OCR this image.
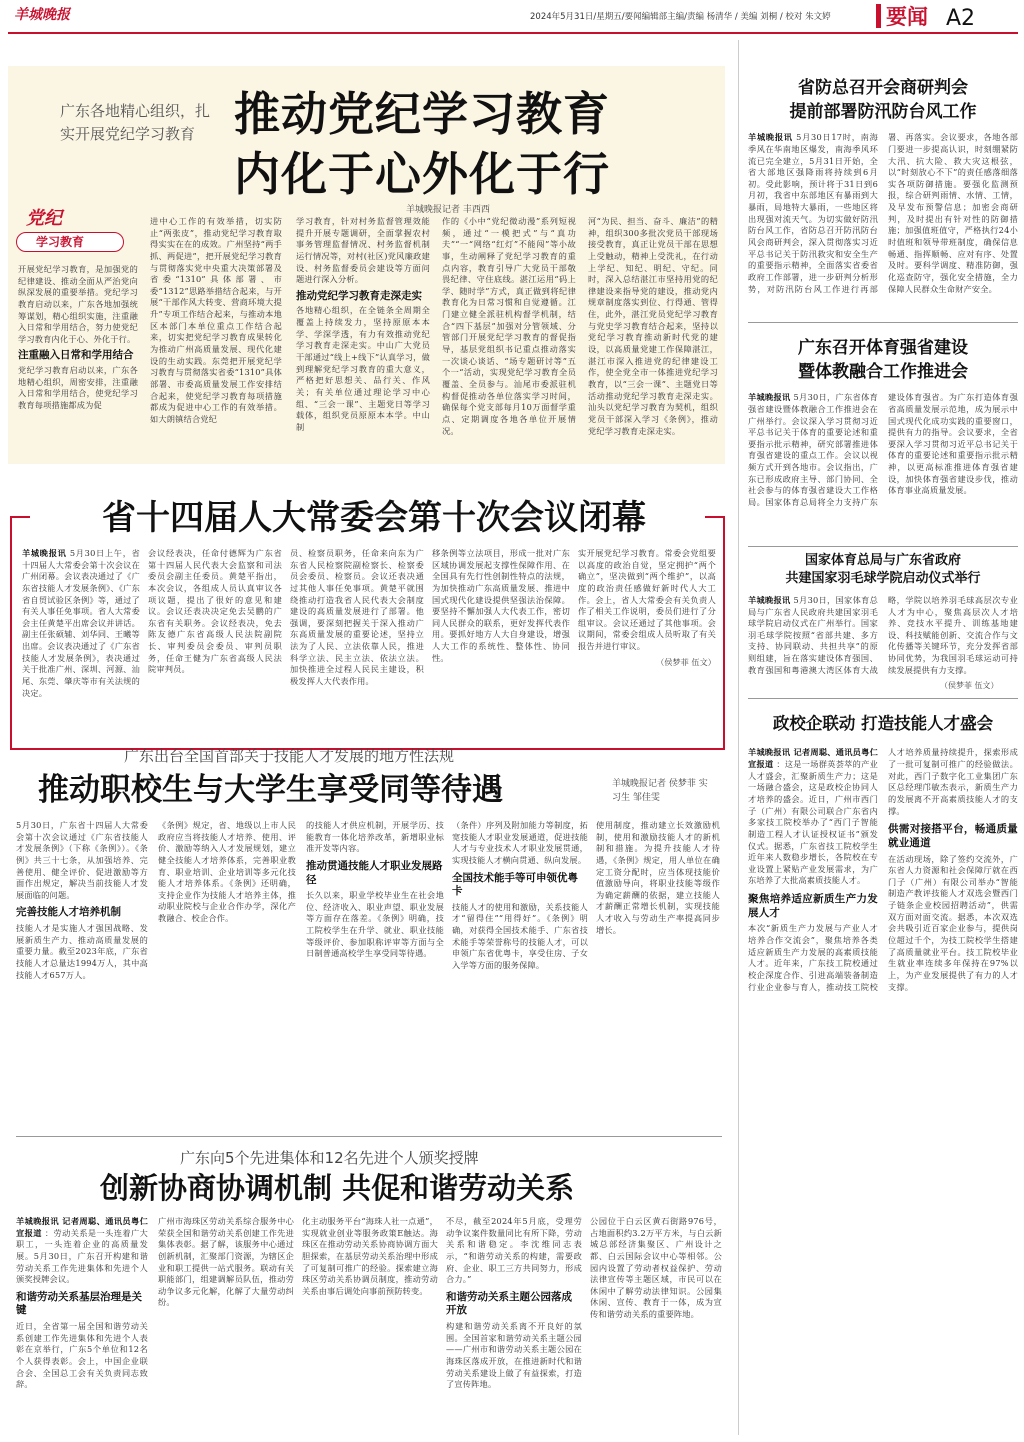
羊城晚报	2024年5月31日/星期五/要闻编辑部主编/责编 杨清华 / 美编 刘桐 / 校对 朱文婷	要闻 A2
广东各地精心组织，扎实开展党纪学习教育 推动党纪学习教育
内化于心外化于行
羊城晚报记者 丰西西
党纪
学习教育
开展党纪学习教育，是加强党的纪律建设、推动全面从严治党向纵深发展的重要举措。党纪学习教育启动以来，广东各地加强统筹谋划，精心组织实施，注重融入日常和学用结合，努力使党纪学习教育内化于心、外化于行。
注重融入日常和学用结合
党纪学习教育启动以来，广东各地精心组织，周密安排，注重融入日常和学用结合，使党纪学习教育每项措施都成为促
进中心工作的有效举措，切实防止“两张皮”，推动党纪学习教育取得实实在在的成效。广州坚持“两手抓、两促进”，把开展党纪学习教育与贯彻落实党中央重大决策部署及省委“1310”具体部署、市委“1312”思路举措结合起来，与开展“干部作风大转变、营商环境大提升”专项工作结合起来，与推动本地区本部门本单位重点工作结合起来，切实把党纪学习教育成果转化为推动广州高质量发展、现代化建设的生动实践。东莞把开展党纪学习教育与贯彻落实省委“1310”具体部署、市委高质量发展工作安排结合起来，使党纪学习教育每项措施都成为促进中心工作的有效举措。如大朗镇结合党纪
学习教育，针对村务监督管理效能提升开展专题调研，全面掌握农村事务管理监督情况、村务监督机制运行情况等，对村(社区)党风廉政建设、村务监督委员会建设等方面问题进行深入分析。
推动党纪学习教育走深走实
各地精心组织，在全链条全周期全覆盖上持续发力，坚持原原本本学、学深学透，有力有效推动党纪学习教育走深走实。中山广大党员干部通过“线上+线下”认真学习，做到理解党纪学习教育的重大意义，严格把好思想关、品行关、作风关；有关单位通过理论学习中心组、“三会一课”、主题党日等学习载体，组织党员原原本本学。中山制
作的《小中“党纪微动漫”系列短视频，通过“一模把式”与“真功夫”“一“网络“红灯”不能闯”等小故事，生动阐释了党纪学习教育的重点内容，教育引导广大党员干部敬畏纪律、守住底线。湛江运用“码上学、随时学”方式，真正做到将纪律教育化为日常习惯和自觉遵循。江门建立健全派驻机构督学机制，结合“四下基层”加强对分管领域、分管部门开展党纪学习教育的督促指导，基层党组织书记重点推动落实一次谈心谈话、“场专题研讨等”五个一“活动，实现党纪学习教育全员覆盖、全员参与。汕尾市委派驻机构督促推动各单位落实学习时间，确保每个党支部每月10万面督学重点、定期调度各地各单位开展情况。
河“为民、担当、奋斗、廉洁”的精神，组织300多批次党员干部现场接受教育，真正让党员干部在思想上受触动，精神上受洗礼，在行动上学纪、知纪、明纪、守纪。同时，深入总结湛江市坚持用党的纪律建设来指导党的建设，推动党内规章制度落实到位、行得通、管得住，此外，湛江党员党纪学习教育与党史学习教育结合起来，坚持以党纪学习教育推动新时代党的建设，以高质量党建工作保障湛江，湛江市深入推进党的纪律建设工作，使全党全市一体推进党纪学习教育，以“三会一课”、主题党日等活动推动党纪学习教育走深走实。汕头以党纪学习教育为契机，组织党员干部深入学习《条例》，推动党纪学习教育走深走实。
省防总召开会商研判会
提前部署防汛防台风工作
羊城晚报讯 5月30日17时，南海季风在华南地区爆发，南海季风环流已完全建立，5月31日开始，全省大部地区强降雨将持续到6月初。受此影响，预计将于31日到6月初，我省中东部地区有暴雨到大暴雨，局地特大暴雨，一些地区将出现强对流天气。为切实做好防汛防台风工作，省防总召开防汛防台风会商研判会，深入贯彻落实习近平总书记关于防汛救灾和安全生产的重要指示精神，全面落实省委省政府工作部署，进一步研判分析形势，对防汛防台风工作进行再部署、再落实。会议要求，各地各部门要进一步提高认识，时刻绷紧防大汛、抗大险、救大灾这根弦，以“时刻放心不下”的责任感落细落实各项防御措施。要强化监测预报，综合研判雨情、水情、工情，及早发布预警信息；加密会商研判，及时提出有针对性的防御措施；加强值班值守，严格执行24小时值班和领导带班制度，确保信息畅通、指挥顺畅、应对有序、处置及时。要科学调度、精准防御，强化巡查防守，强化安全措施，全力保障人民群众生命财产安全。
广东召开体育强省建设
暨体教融合工作推进会
羊城晚报讯 5月30日，广东省体育强省建设暨体教融合工作推进会在广州举行。会议深入学习贯彻习近平总书记关于体育的重要论述和重要指示批示精神，研究部署推进体育强省建设的重点工作。会议以视频方式开到各地市。会议指出，广东已形成政府主导、部门协同、全社会参与的体育强省建设大工作格局。国家体育总局将全力支持广东建设体育强省。为广东打造体育强省高质量发展示范地，成为展示中国式现代化成功实践的重要窗口，提供有力的指导。会议要求，全省要深入学习贯彻习近平总书记关于体育的重要论述和重要指示批示精神，以更高标准推进体育强省建设，加快体育强省建设步伐，推动体育事业高质量发展。
国家体育总局与广东省政府
共建国家羽毛球学院启动仪式举行
羊城晚报讯 5月30日，国家体育总局与广东省人民政府共建国家羽毛球学院启动仪式在广州举行。国家羽毛球学院按照“省部共建、多方支持、协同联动、共担共享”的原则组建，旨在落实建设体育强国、教育强国和粤港澳大湾区体育大战略，学院以培养羽毛球高层次专业人才为中心，聚焦高层次人才培养、竞技水平提升、训练基地建设、科技赋能创新、交流合作与文化传播等关键环节，充分发挥省部协同优势，为我国羽毛球运动可持续发展提供有力支撑。
政校企联动 打造技能人才盛会
羊城晚报讯 记者周聪、通讯员粤仁宣报道 ：这是一场群英荟萃的产业人才盛会，汇聚新质生产力；这是一场融合盛会，这是政校企协同人才培养的盛会。近日，广州市西门子（广州）有限公司联合广东省内多家技工院校举办了“西门子智能制造工程人才认证授权证书”颁发仪式。据悉，广东省技工院校学生近年来人数稳步增长，各院校在专业设置上紧贴产业发展需求，为广东培养了大批高素质技能人才。
聚焦培养适应新质生产力发展人才
本次“新质生产力发展与产业人才培养合作交流会”，聚焦培养各类适应新质生产力发展的高素质技能人才。近年来，广东技工院校通过校企深度合作、引进高端装备制造行业企业参与育人，推动技工院校人才培养质量持续提升，探索形成了一批可复制可推广的经验做法。对此，西门子数字化工业集团广东区总经理邝敏杰表示，新质生产力的发展离不开高素质技能人才的支撑。
供需对接搭平台，畅通质量就业通道
在活动现场，除了签约交流外，广东省人力资源和社会保障厅就在西门子（广州）有限公司举办“智能制造产教评技能人才双选会暨西门子链条企业校园招聘活动”，供需双方面对面交流。据悉，本次双选会共吸引近百家企业参与，提供岗位超过千个，为技工院校学生搭建了高质量就业平台。技工院校毕业生就业率连续多年保持在97%以上，为产业发展提供了有力的人才支撑。
省十四届人大常委会第十次会议闭幕
羊城晚报讯 5月30日上午，省十四届人大常委会第十次会议在广州闭幕。会议表决通过了《广东省技能人才发展条例》、《广东省自贸试验区条例》等，通过了有关人事任免事项。省人大常委会主任黄楚平出席会议并讲话。副主任张硕辅、刘华同、王曦等出席。会议表决通过了《广东省技能人才发展条例》，表决通过关于批准广州、深圳、河源、汕尾、东莞、肇庆等市有关法规的决定。
会议经表决，任命付德辉为广东省第十四届人民代表大会监察和司法委员会副主任委员。黄楚平指出，本次会议，各组成人员认真审议各项议题，提出了很好的意见和建议。会议还表决决定免去吴鹏的广东省有关职务。会议经表决，免去陈友德广东省高级人民法院副院长、审判委员会委员、审判员职务，任命王健为广东省高级人民法院审判员。
员、检察员职务，任命来向东为广东省人民检察院副检察长、检察委员会委员、检察员。会议还表决通过其他人事任免事项。黄楚平就围绕推动打造我省人民代表大会制度建设的高质量发展进行了部署。他强调，要深刻把握关于深入推动广东高质量发展的重要论述，坚持立法为了人民、立法依靠人民，推进科学立法、民主立法、依法立法。加快推进全过程人民民主建设，积极发挥人大代表作用。
移条例等立法项目，形成一批对广东区域协调发展起支撑性保障作用、在全国具有先行性创制性特点的法规，为加快推动广东高质量发展、推进中国式现代化建设提供坚强法治保障。要坚持不懈加强人大代表工作，密切同人民群众的联系，更好发挥代表作用。要抓好地方人大自身建设，增强人大工作的系统性、整体性、协同性。
实开展党纪学习教育。常委会党组要以高度的政治自觉，坚定拥护“两个确立”，坚决做到“两个维护”，以高度的政治责任感做好新时代人大工作。会上，省人大常委会有关负责人作了相关工作说明，委员们进行了分组审议。会议还通过了其他事项。会议期间，常委会组成人员听取了有关报告并进行审议。
（侯梦菲 伍文）
广东出台全国首部关于技能人才发展的地方性法规
推动职校生与大学生享受同等待遇	羊城晚报记者 侯梦菲 实习生 邹佳雯
5月30日，广东省十四届人大常委会第十次会议通过《广东省技能人才发展条例》（下称《条例》）。《条例》共三十七条，从加强培养、完善使用、健全评价、促进激励等方面作出规定，解决当前技能人才发展面临的问题。
完善技能人才培养机制
技能人才是实施人才强国战略、发展新质生产力、推动高质量发展的重要力量。截至2023年底，广东省技能人才总量达1994万人，其中高技能人才657万人。
《条例》规定，省、地级以上市人民政府应当将技能人才培养、使用、评价、激励等纳入人才发展规划，建立健全技能人才培养体系，完善职业教育、职业培训、企业培训等多元化技能人才培养体系。《条例》还明确，支持企业作为技能人才培养主体，推动职业院校与企业合作办学，深化产教融合、校企合作。
的技能人才供应机制，开展学历、技能教育一体化培养改革，新增职业标准开发等内容。
推动贯通技能人才职业发展路径
长久以来，职业学校毕业生在社会地位、经济收入、职业声望、职业发展等方面存在落差。《条例》明确，技工院校学生在升学、就业、职业技能等级评价、参加职称评审等方面与全日制普通高校学生享受同等待遇。
（条件）序列及附加能力等制度，拓宽技能人才职业发展通道，促进技能人才与专业技术人才职业发展贯通，实现技能人才横向贯通、纵向发展。
全国技术能手等可申领优粤卡
技能人才的使用和激励，关系技能人才“留得住”“用得好”。《条例》明确，对获得全国技术能手、广东省技术能手等荣誉称号的技能人才，可以申领广东省优粤卡，享受住房、子女入学等方面的服务保障。
使用制度，推动建立长效激励机制，使用和激励技能人才的新机制和措施。为提升技能人才待遇，《条例》规定，用人单位在确定工资分配时，应当体现技能价值激励导向，将职业技能等级作为确定薪酬的依据，建立技能人才薪酬正常增长机制，实现技能人才收入与劳动生产率提高同步增长。
广东向5个先进集体和12名先进个人颁奖授牌
创新协商协调机制 共促和谐劳动关系
羊城晚报讯 记者周聪、通讯员粤仁宣报道 ：劳动关系是一头连着广大职工，一头连着企业的高质量发展。5月30日，广东召开构建和谐劳动关系工作先进集体和先进个人颁奖授牌会议。
和谐劳动关系基层治理是关键
近日，全省第一届全国和谐劳动关系创建工作先进集体和先进个人表彰在京举行，广东5个单位和12名个人获得表彰。会上，中国企业联合会、全国总工会有关负责同志致辞。
广州市海珠区劳动关系综合服务中心荣获全国和谐劳动关系创建工作先进集体表彰。据了解，该服务中心通过创新机制，汇聚部门资源，为辖区企业和职工提供一站式服务。联动有关职能部门，组建调解员队伍，推动劳动争议多元化解，化解了大量劳动纠纷。
化主动服务平台“海珠人社一点通”，实现就业创业等服务政策E触达。海珠区在推动劳动关系协商协调方面大胆探索，在基层劳动关系治理中形成了可复制可推广的经验。探索建立海珠区劳动关系协调员制度，推动劳动关系由事后调处向事前预防转变。
不尽，截至2024年5月底，受理劳动争议案件数量同比有所下降，劳动关系和谐稳定。李沈维同志表示，“和谐劳动关系的构建，需要政府、企业、职工三方共同努力，形成合力。”
和谐劳动关系主题公园落成开放
构建和谐劳动关系离不开良好的氛围。全国首家和谐劳动关系主题公园——广州市和谐劳动关系主题公园在海珠区落成开放，在推进新时代和谐劳动关系建设上做了有益探索，打造了宣传阵地。
公园位于白云区黄石街路976号，占地面积约3.2万平方米，与白云新城总部经济集聚区、广州设计之都、白云国际会议中心等相邻。公园内设置了劳动者权益保护、劳动法律宣传等主题区域，市民可以在休闲中了解劳动法律知识。公园集休闲、宣传、教育于一体，成为宣传和谐劳动关系的重要阵地。
（侯梦菲 伍文）
